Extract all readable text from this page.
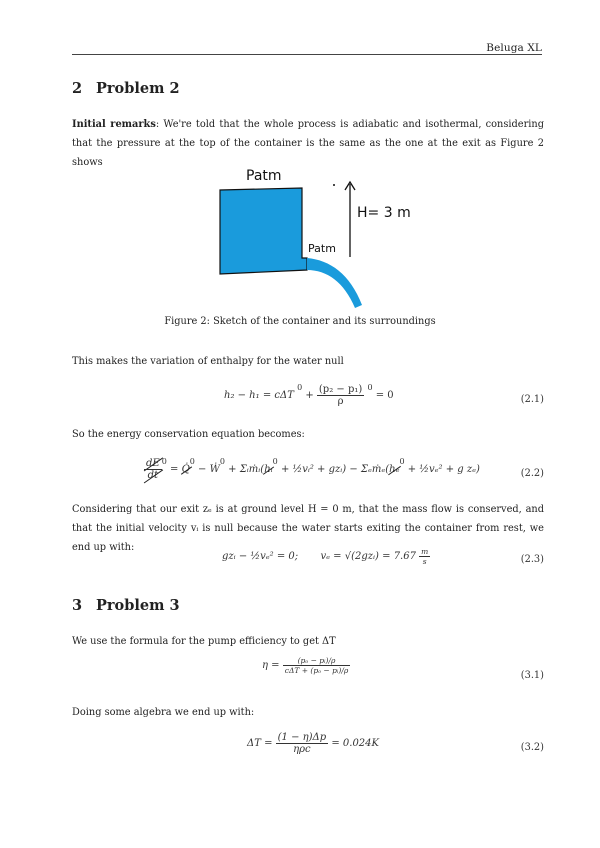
Beluga XL
2 Problem 2
Initial remarks: We're told that the whole process is adiabatic and isothermal, considering that the pressure at the top of the container is the same as the one at the exit as Figure 2 shows
Patm
Patm
H= 3 m
Figure 2: Sketch of the container and its surroundings
This makes the variation of enthalpy for the water null
h₂ − h₁ = cΔT $^0 + \frac{\text{(p₂ − p₁)}}{\rho} ^0 = 0$	(2.1)
So the energy conservation equation becomes:
$\frac{dE}{dt} ^0$ = Q̇$^0$ − Ẇ$^0$ + Σᵢṁᵢ(hᵢ$^0$ + ½vᵢ² + gzᵢ) − Σₑṁₑ(hₑ$^0$ + ½vₑ² + g zₑ)	(2.2)
Considering that our exit zₑ is at ground level H = 0 m, that the mass flow is conserved, and that the initial velocity vᵢ is null because the water starts exiting the container from rest, we end up with:
gzᵢ − ½vₑ² = 0; vₑ = √(2gzᵢ) = $7.67 \frac{m}{s}$	(2.3)
3 Problem 3
We use the formula for the pump efficiency to get ΔT
$\eta = \frac{\text{(pₒ − pᵢ)/ρ}}{\text{cΔT + (pₒ − pᵢ)/ρ}}$
(3.1)
Doing some algebra we end up with:
$\Delta T = \frac{(1 - \eta)\Delta p}{\text{ηρc}} = 0.024K$	(3.2)
